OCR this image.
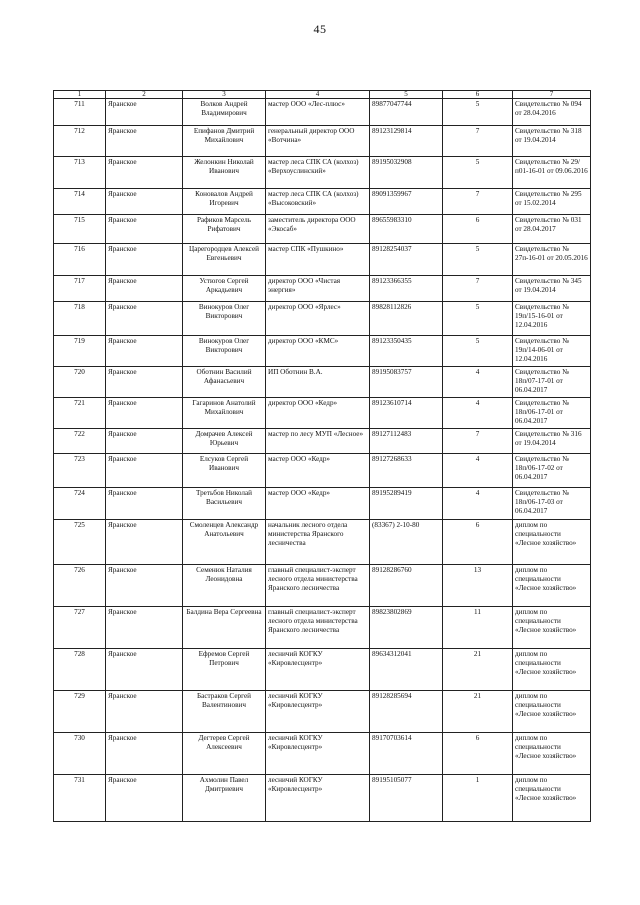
45
1	2	3	4	5	6	7
711	Яранское	Волков Андрей Владимирович	мастер ООО «Лес-плюс»	89877047744	5	Свидетельство № 094 от 28.04.2016
712	Яранское	Епифанов Дмитрий Михайлович	генеральный директор ООО «Вотчина»	89123129814	7	Свидетельство № 318 от 19.04.2014
713	Яранское	Желонкин Николай Иванович	мастер леса СПК СА (колхоз) «Верхоуслинский»	89195032908	5	Свидетельство № 29/п01-16-01 от 09.06.2016
714	Яранское	Коновалов Андрей Игоревич	мастер леса СПК СА (колхоз) «Высоковский»	89091359967	7	Свидетельство № 295 от 15.02.2014
715	Яранское	Рафиков Марсель Рифатович	заместитель директора ООО «Экосаб»	89655983310	6	Свидетельство № 031 от 28.04.2017
716	Яранское	Царегородцев Алексей Евгеньевич	мастер СПК «Пушкино»	89128254037	5	Свидетельство № 27п-16-01 от 20.05.2016
717	Яранское	Устюгов Сергей Аркадьевич	директор ООО «Чистая энергия»	89123366355	7	Свидетельство № 345 от 19.04.2014
718	Яранское	Винокуров Олег Викторович	директор ООО «Ярлес»	89828112826	5	Свидетельство № 19п/15-16-01 от 12.04.2016
719	Яранское	Винокуров Олег Викторович	директор ООО «КМС»	89123350435	5	Свидетельство № 19п/14-06-01 от 12.04.2016
720	Яранское	Оботнин Василий Афанасьевич	ИП Оботнин В.А.	89195083757	4	Свидетельство № 18п/07-17-01 от 06.04.2017
721	Яранское	Гагаринов Анатолий Михайлович	директор ООО «Кедр»	89123610714	4	Свидетельство № 18п/06-17-01 от 06.04.2017
722	Яранское	Домрачев Алексей Юрьевич	мастер по лесу МУП «Лесное»	89127112483	7	Свидетельство № 316 от 19.04.2014
723	Яранское	Елсуков Сергей Иванович	мастер ООО «Кедр»	89127268633	4	Свидетельство № 18п/06-17-02 от 06.04.2017
724	Яранское	Третьбов Николай Васильевич	мастер ООО «Кедр»	89195289419	4	Свидетельство № 18п/06-17-03 от 06.04.2017
725	Яранское	Смоленцев Александр Анатольевич	начальник лесного отдела министерства Яранского лесничества	(83367) 2-10-80	6	диплом по специальности «Лесное хозяйство»
726	Яранское	Семенюк Наталия Леонидовна	главный специалист-эксперт лесного отдела министерства Яранского лесничества	89128286760	13	диплом по специальности «Лесное хозяйство»
727	Яранское	Балдина Вера Сергеевна	главный специалист-эксперт лесного отдела министерства Яранского лесничества	89823802869	11	диплом по специальности «Лесное хозяйство»
728	Яранское	Ефремов Сергей Петрович	лесничий КОГКУ «Кировлесцентр»	89634312041	21	диплом по специальности «Лесное хозяйство»
729	Яранское	Бастраков Сергей Валентинович	лесничий КОГКУ «Кировлесцентр»	89128285694	21	диплом по специальности «Лесное хозяйство»
730	Яранское	Дегтерев Сергей Алексеевич	лесничий КОГКУ «Кировлесцентр»	89170703614	6	диплом по специальности «Лесное хозяйство»
731	Яранское	Ахмолин Павел Дмитриевич	лесничий КОГКУ «Кировлесцентр»	89195105077	1	диплом по специальности «Лесное хозяйство»
